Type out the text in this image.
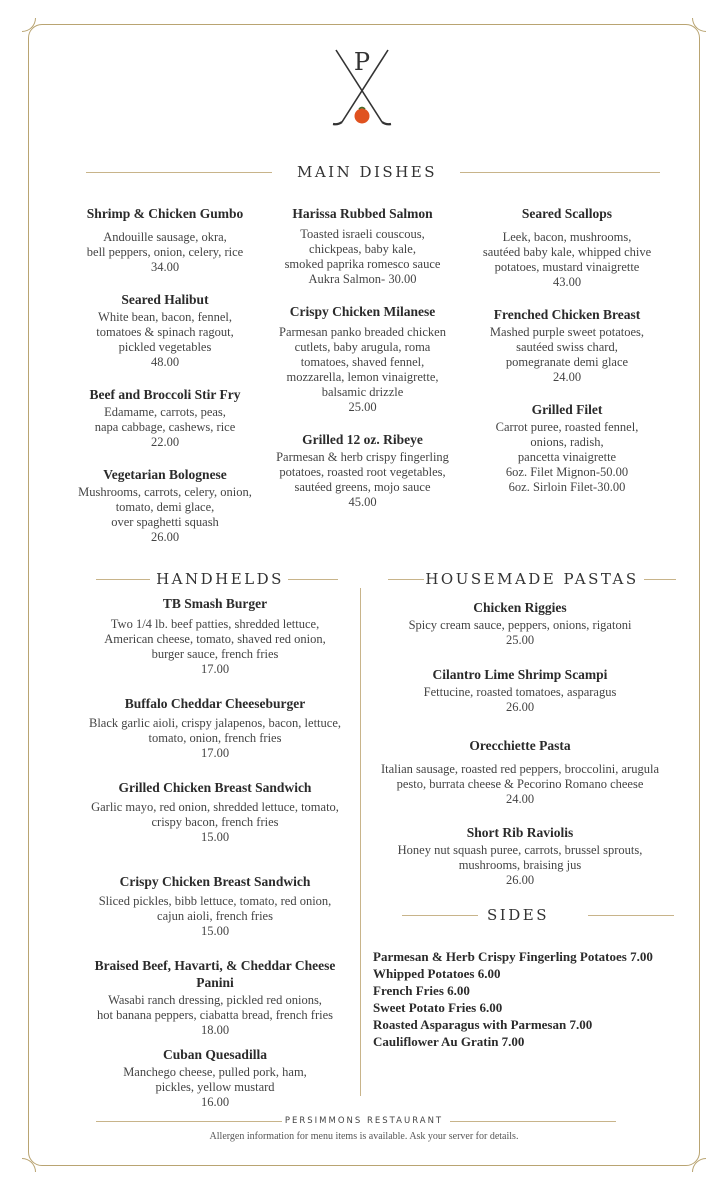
P
MAIN DISHES
Shrimp & Chicken Gumbo
Andouille sausage, okra,
bell peppers, onion, celery, rice
34.00
Seared Halibut
White bean, bacon, fennel,
tomatoes & spinach ragout,
pickled vegetables
48.00
Beef and Broccoli Stir Fry
Edamame, carrots, peas,
napa cabbage, cashews, rice
22.00
Vegetarian Bolognese
Mushrooms, carrots, celery, onion,
tomato, demi glace,
over spaghetti squash
26.00
Harissa Rubbed Salmon
Toasted israeli couscous,
chickpeas, baby kale,
smoked paprika romesco sauce
Aukra Salmon- 30.00
Crispy Chicken Milanese
Parmesan panko breaded chicken
cutlets, baby arugula, roma
tomatoes, shaved fennel,
mozzarella, lemon vinaigrette,
balsamic drizzle
25.00
Grilled 12 oz. Ribeye
Parmesan & herb crispy fingerling
potatoes, roasted root vegetables,
sautéed greens, mojo sauce
45.00
Seared Scallops
Leek, bacon, mushrooms,
sautéed baby kale, whipped chive
potatoes, mustard vinaigrette
43.00
Frenched Chicken Breast
Mashed purple sweet potatoes,
sautéed swiss chard,
pomegranate demi glace
24.00
Grilled Filet
Carrot puree, roasted fennel,
onions, radish,
pancetta vinaigrette
6oz. Filet Mignon-50.00
6oz. Sirloin Filet-30.00
HANDHELDS	HOUSEMADE PASTAS
TB Smash Burger
Two 1/4 lb. beef patties, shredded lettuce,
American cheese, tomato, shaved red onion,
burger sauce, french fries
17.00
Buffalo Cheddar Cheeseburger
Black garlic aioli, crispy jalapenos, bacon, lettuce,
tomato, onion, french fries
17.00
Grilled Chicken Breast Sandwich
Garlic mayo, red onion, shredded lettuce, tomato,
crispy bacon, french fries
15.00
Crispy Chicken Breast Sandwich
Sliced pickles, bibb lettuce, tomato, red onion,
cajun aioli, french fries
15.00
Braised Beef, Havarti, & Cheddar Cheese
Panini
Wasabi ranch dressing, pickled red onions,
hot banana peppers, ciabatta bread, french fries
18.00
Cuban Quesadilla
Manchego cheese, pulled pork, ham,
pickles, yellow mustard
16.00
Chicken Riggies
Spicy cream sauce, peppers, onions, rigatoni
25.00
Cilantro Lime Shrimp Scampi
Fettucine, roasted tomatoes, asparagus
26.00
Orecchiette Pasta
Italian sausage, roasted red peppers, broccolini, arugula
pesto, burrata cheese & Pecorino Romano cheese
24.00
Short Rib Raviolis
Honey nut squash puree, carrots, brussel sprouts,
mushrooms, braising jus
26.00
SIDES
Parmesan & Herb Crispy Fingerling Potatoes 7.00
Whipped Potatoes 6.00
French Fries 6.00
Sweet Potato Fries 6.00
Roasted Asparagus with Parmesan 7.00
Cauliflower Au Gratin 7.00
PERSIMMONS RESTAURANT
Allergen information for menu items is available. Ask your server for details.
